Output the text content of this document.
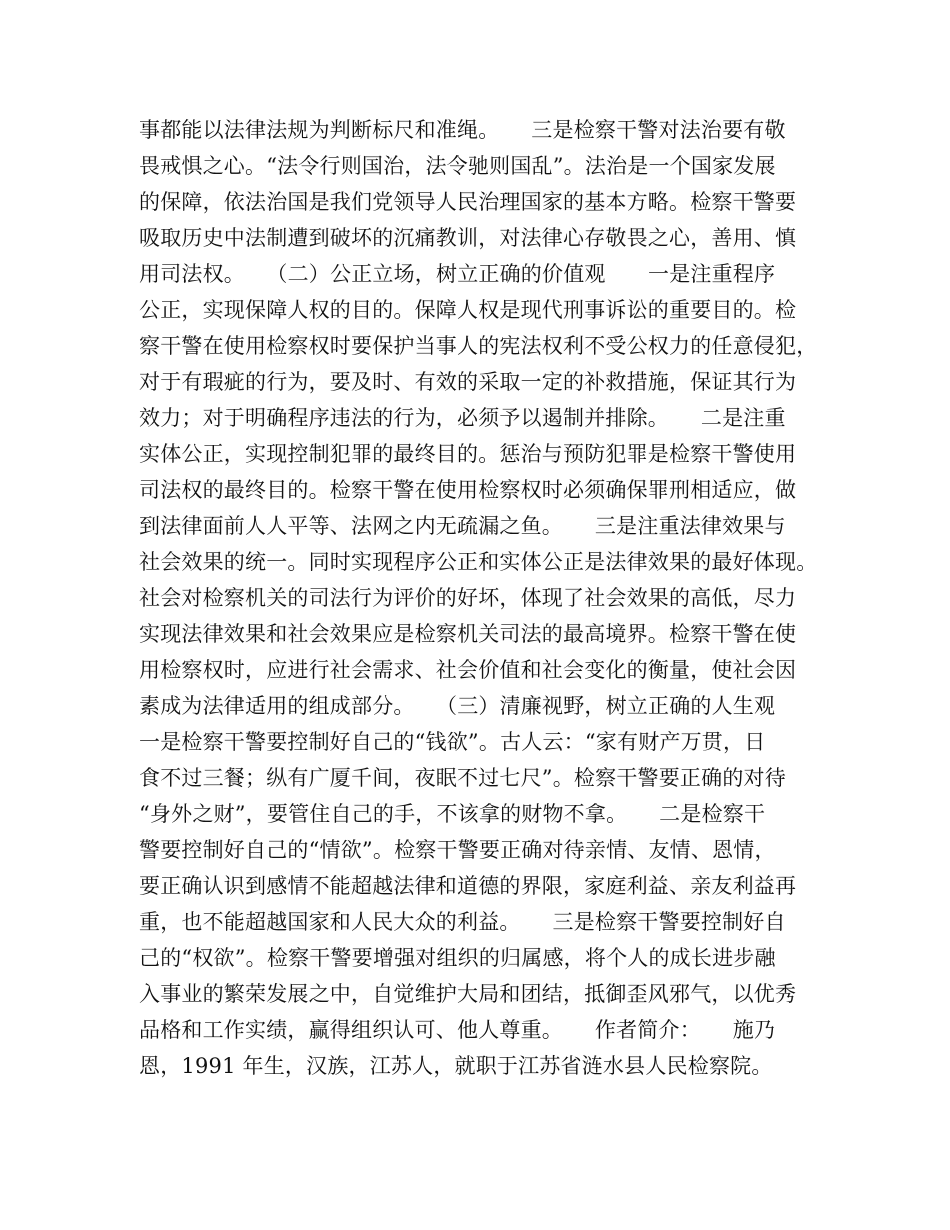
事都能以法律法规为判断标尺和准绳。　　三是检察干警对法治要有敬
畏戒惧之心。“法令行则国治，法令驰则国乱”。法治是一个国家发展
的保障，依法治国是我们党领导人民治理国家的基本方略。检察干警要
吸取历史中法制遭到破坏的沉痛教训，对法律心存敬畏之心，善用、慎
用司法权。　　（二）公正立场，树立正确的价值观　　一是注重程序
公正，实现保障人权的目的。保障人权是现代刑事诉讼的重要目的。检
察干警在使用检察权时要保护当事人的宪法权利不受公权力的任意侵犯，
对于有瑕疵的行为，要及时、有效的采取一定的补救措施，保证其行为
效力；对于明确程序违法的行为，必须予以遏制并排除。　　二是注重
实体公正，实现控制犯罪的最终目的。惩治与预防犯罪是检察干警使用
司法权的最终目的。检察干警在使用检察权时必须确保罪刑相适应，做
到法律面前人人平等、法网之内无疏漏之鱼。　　三是注重法律效果与
社会效果的统一。同时实现程序公正和实体公正是法律效果的最好体现。
社会对检察机关的司法行为评价的好坏，体现了社会效果的高低，尽力
实现法律效果和社会效果应是检察机关司法的最高境界。检察干警在使
用检察权时，应进行社会需求、社会价值和社会变化的衡量，使社会因
素成为法律适用的组成部分。　　（三）清廉视野，树立正确的人生观
一是检察干警要控制好自己的“钱欲”。古人云：“家有财产万贯，日
食不过三餐；纵有广厦千间，夜眠不过七尺”。检察干警要正确的对待
“身外之财”，要管住自己的手，不该拿的财物不拿。　　二是检察干
警要控制好自己的“情欲”。检察干警要正确对待亲情、友情、恩情，
要正确认识到感情不能超越法律和道德的界限，家庭利益、亲友利益再
重，也不能超越国家和人民大众的利益。　　三是检察干警要控制好自
己的“权欲”。检察干警要增强对组织的归属感，将个人的成长进步融
入事业的繁荣发展之中，自觉维护大局和团结，抵御歪风邪气，以优秀
品格和工作实绩，赢得组织认可、他人尊重。　　作者简介：　　施乃
恩，1991 年生，汉族，江苏人，就职于江苏省涟水县人民检察院。
